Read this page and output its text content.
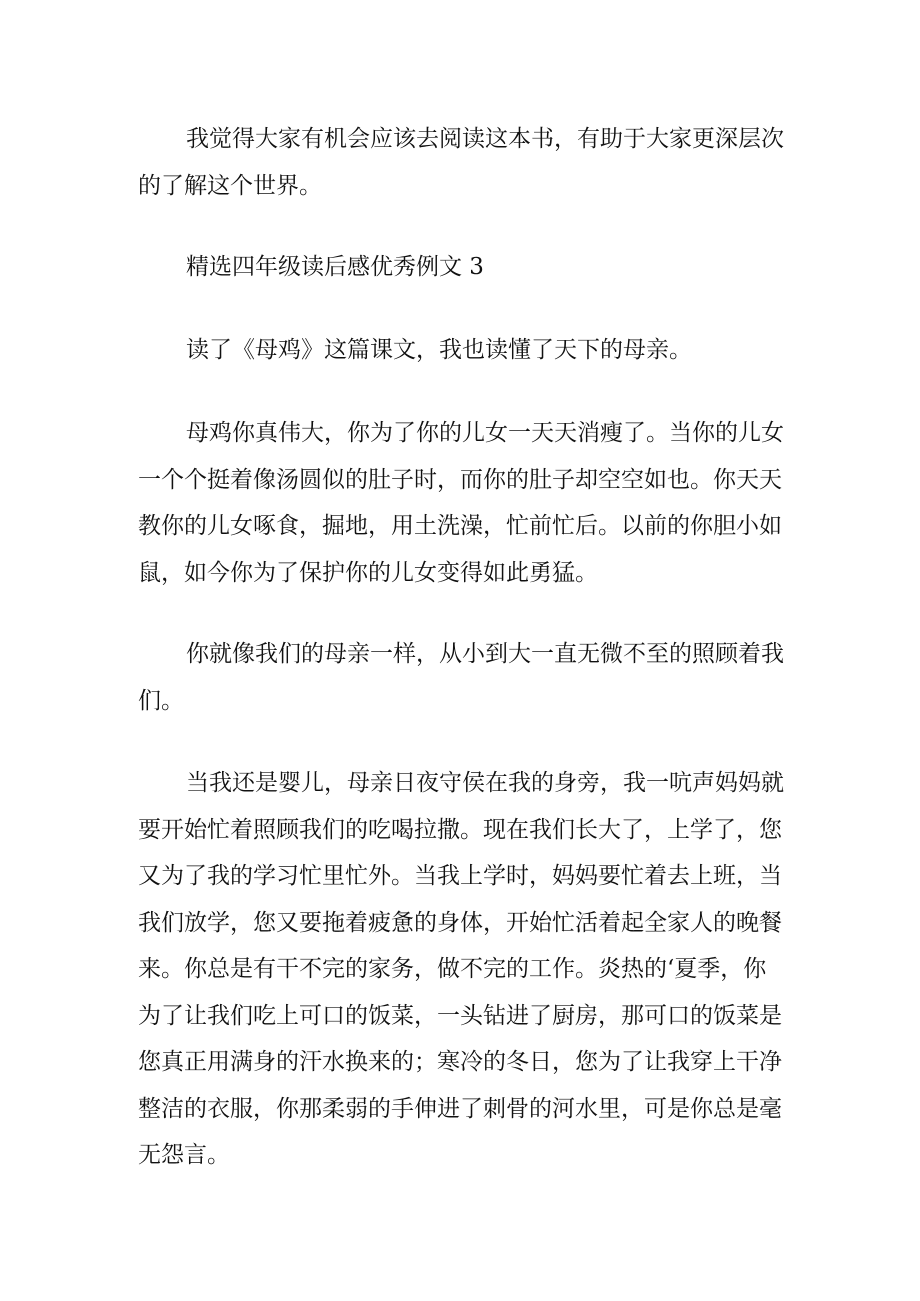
我觉得大家有机会应该去阅读这本书，有助于大家更深层次
的了解这个世界。

精选四年级读后感优秀例文 3

读了《母鸡》这篇课文，我也读懂了天下的母亲。

母鸡你真伟大，你为了你的儿女一天天消瘦了。当你的儿女
一个个挺着像汤圆似的肚子时，而你的肚子却空空如也。你天天
教你的儿女啄食，掘地，用土洗澡，忙前忙后。以前的你胆小如
鼠，如今你为了保护你的儿女变得如此勇猛。

你就像我们的母亲一样，从小到大一直无微不至的照顾着我
们。

当我还是婴儿，母亲日夜守侯在我的身旁，我一吭声妈妈就
要开始忙着照顾我们的吃喝拉撒。现在我们长大了，上学了，您
又为了我的学习忙里忙外。当我上学时，妈妈要忙着去上班，当
我们放学，您又要拖着疲惫的身体，开始忙活着起全家人的晚餐
来。你总是有干不完的家务，做不完的工作。炎热的‘夏季，你
为了让我们吃上可口的饭菜，一头钻进了厨房，那可口的饭菜是
您真正用满身的汗水换来的；寒冷的冬日，您为了让我穿上干净
整洁的衣服，你那柔弱的手伸进了刺骨的河水里，可是你总是毫
无怨言。
